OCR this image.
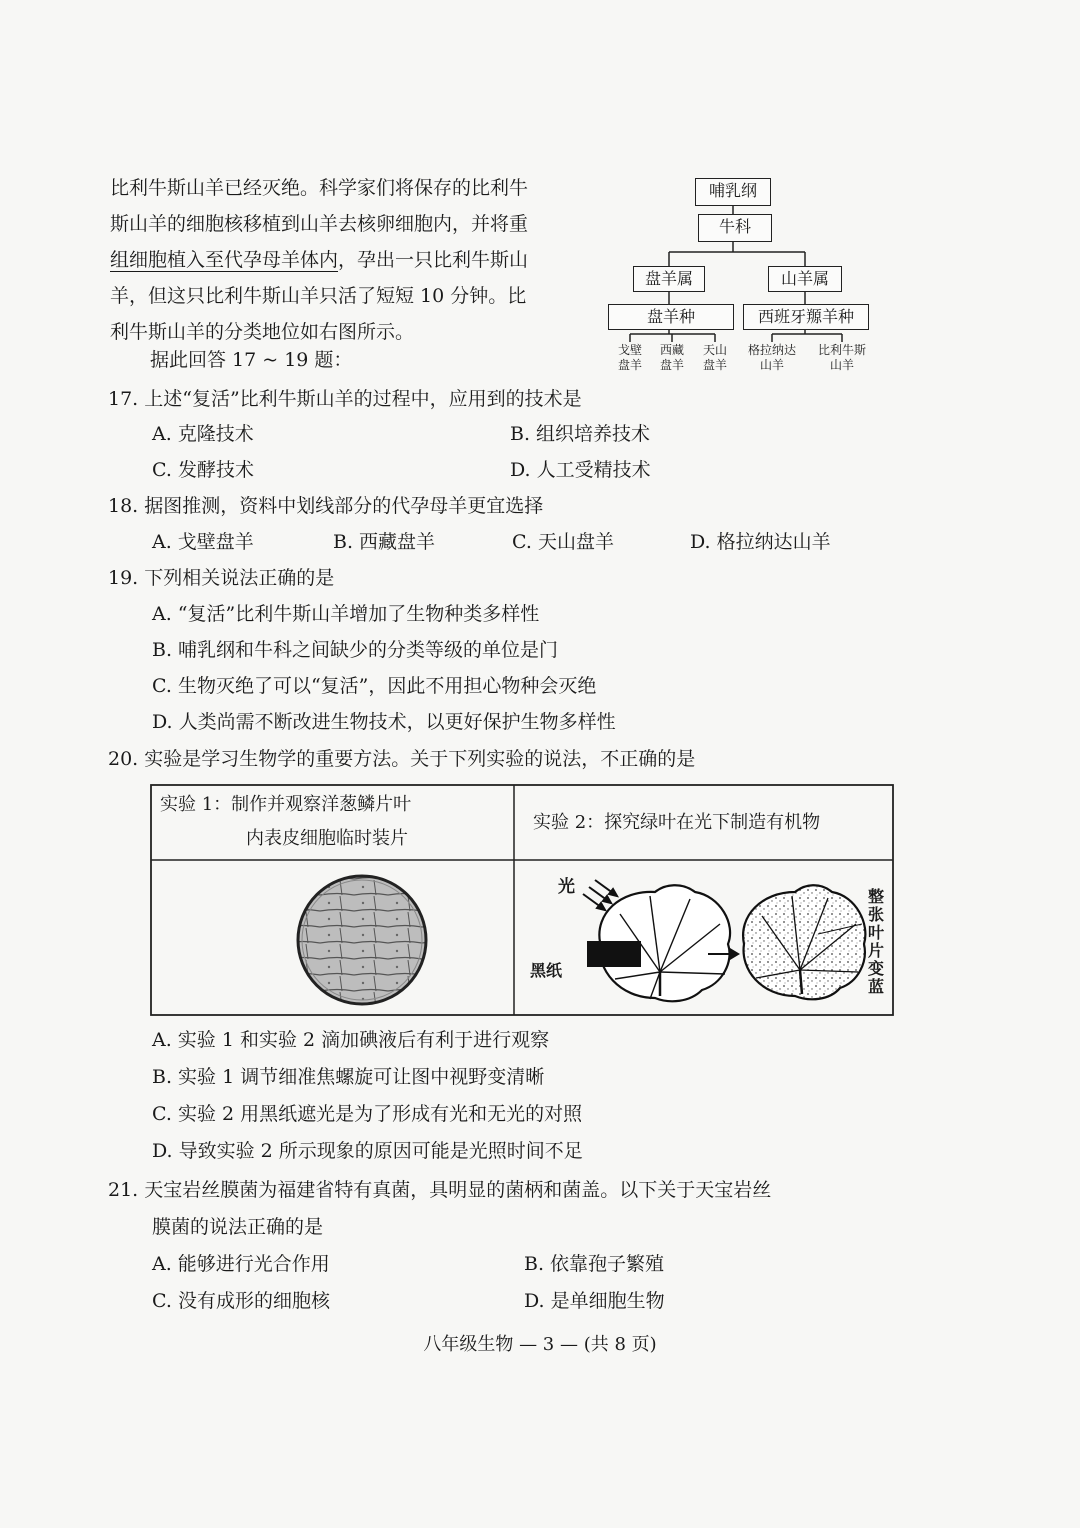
比利牛斯山羊已经灭绝。科学家们将保存的比利牛

斯山羊的细胞核移植到山羊去核卵细胞内，并将重

组细胞植入至代孕母羊体内，孕出一只比利牛斯山

羊，但这只比利牛斯山羊只活了短短 10 分钟。比

利牛斯山羊的分类地位如右图所示。

据此回答 17 ~ 19 题：
哺乳纲
牛科
盘羊属	山羊属
盘羊种	西班牙羱羊种
戈壁
盘羊
西藏
盘羊
天山
盘羊
格拉纳达
山羊
比利牛斯
山羊
17. 上述“复活”比利牛斯山羊的过程中，应用到的技术是
A. 克隆技术	B. 组织培养技术
C. 发酵技术	D. 人工受精技术
18. 据图推测，资料中划线部分的代孕母羊更宜选择
A. 戈壁盘羊	B. 西藏盘羊	C. 天山盘羊	D. 格拉纳达山羊
19. 下列相关说法正确的是
A. “复活”比利牛斯山羊增加了生物种类多样性
B. 哺乳纲和牛科之间缺少的分类等级的单位是门
C. 生物灭绝了可以“复活”，因此不用担心物种会灭绝
D. 人类尚需不断改进生物技术，以更好保护生物多样性
20. 实验是学习生物学的重要方法。关于下列实验的说法，不正确的是
实验 1：制作并观察洋葱鳞片叶
内表皮细胞临时装片
实验 2：探究绿叶在光下制造有机物
光
黑纸
整
张
叶
片
变
蓝
A. 实验 1 和实验 2 滴加碘液后有利于进行观察
B. 实验 1 调节细准焦螺旋可让图中视野变清晰
C. 实验 2 用黑纸遮光是为了形成有光和无光的对照
D. 导致实验 2 所示现象的原因可能是光照时间不足
21. 天宝岩丝膜菌为福建省特有真菌，具明显的菌柄和菌盖。以下关于天宝岩丝
膜菌的说法正确的是
A. 能够进行光合作用	B. 依靠孢子繁殖
C. 没有成形的细胞核	D. 是单细胞生物
八年级生物 — 3 — (共 8 页)
